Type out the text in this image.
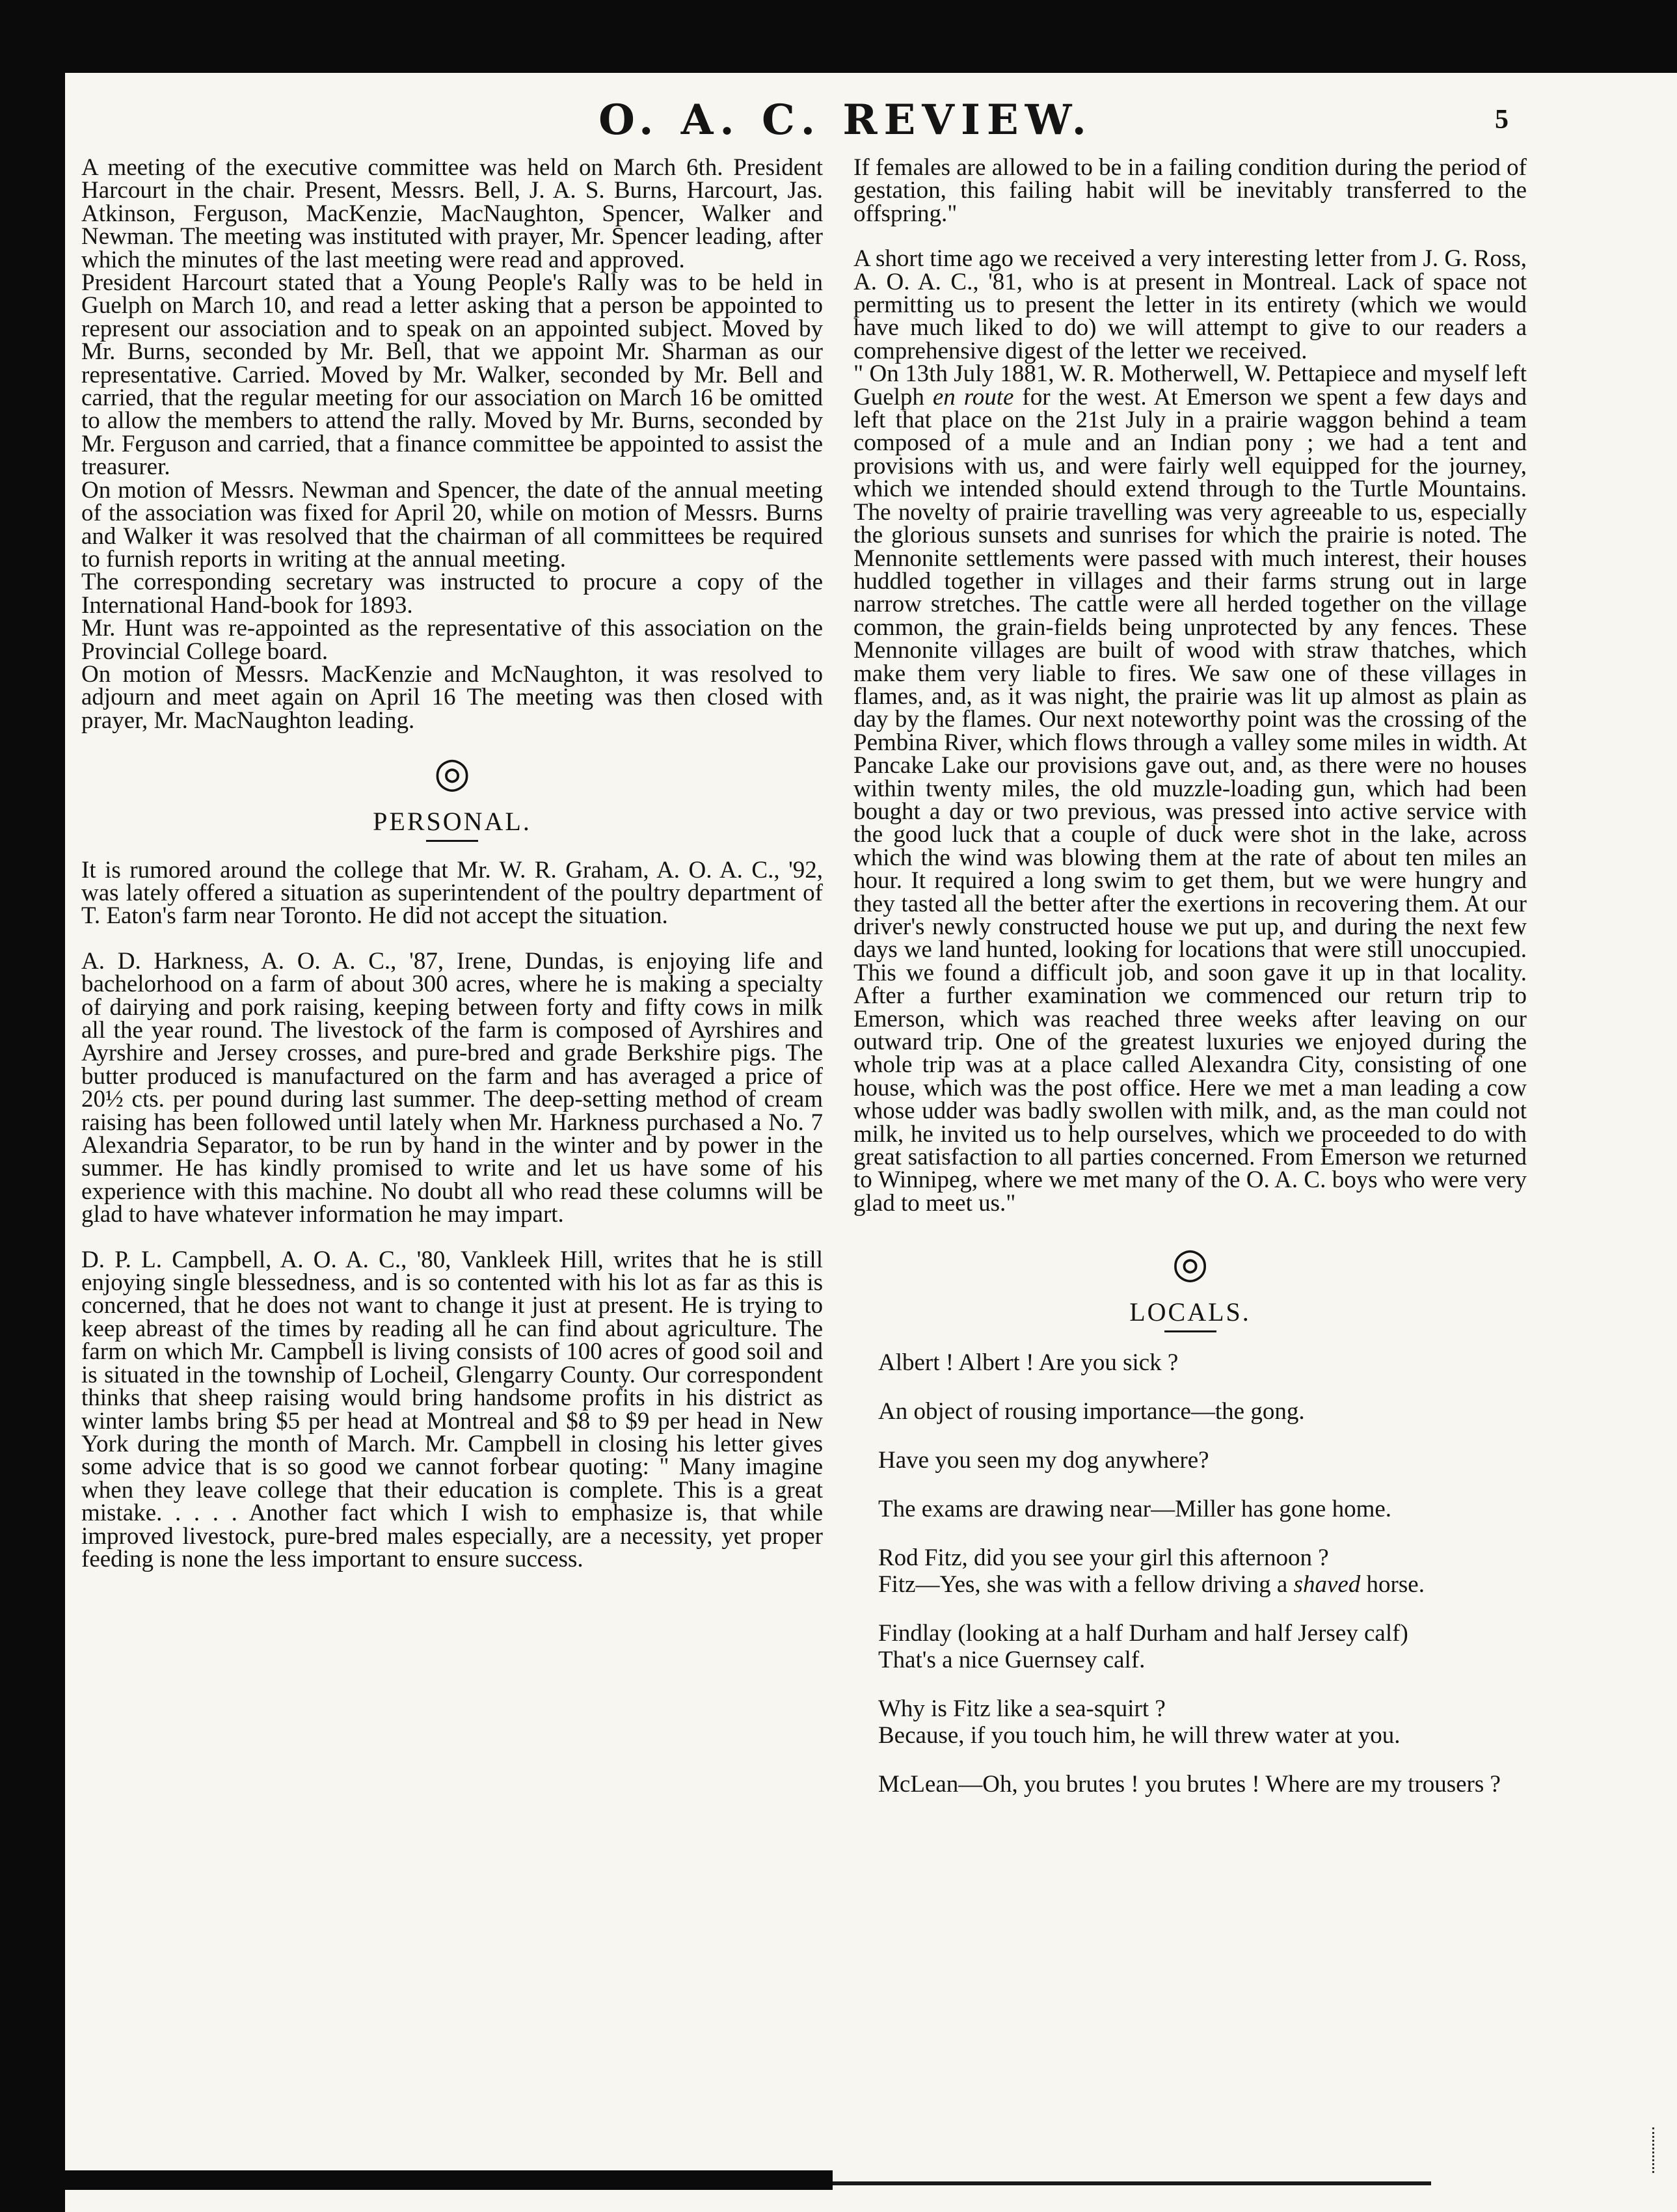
O. A. C. REVIEW.	5

A meeting of the executive committee was held on March 6th. President Harcourt in the chair. Present, Messrs. Bell, J. A. S. Burns, Harcourt, Jas. Atkinson, Ferguson, MacKenzie, MacNaughton, Spencer, Walker and Newman. The meeting was instituted with prayer, Mr. Spencer leading, after which the minutes of the last meeting were read and approved.

President Harcourt stated that a Young People's Rally was to be held in Guelph on March 10, and read a letter asking that a person be appointed to represent our association and to speak on an appointed subject. Moved by Mr. Burns, seconded by Mr. Bell, that we appoint Mr. Sharman as our representative. Carried. Moved by Mr. Walker, seconded by Mr. Bell and carried, that the regular meeting for our association on March 16 be omitted to allow the members to attend the rally. Moved by Mr. Burns, seconded by Mr. Ferguson and carried, that a finance committee be appointed to assist the treasurer.

On motion of Messrs. Newman and Spencer, the date of the annual meeting of the association was fixed for April 20, while on motion of Messrs. Burns and Walker it was resolved that the chairman of all committees be required to furnish reports in writing at the annual meeting.

The corresponding secretary was instructed to procure a copy of the International Hand-book for 1893.

Mr. Hunt was re-appointed as the representative of this association on the Provincial College board.

On motion of Messrs. MacKenzie and McNaughton, it was resolved to adjourn and meet again on April 16 The meeting was then closed with prayer, Mr. MacNaughton leading.

◎
PERSONAL.

It is rumored around the college that Mr. W. R. Graham, A. O. A. C., '92, was lately offered a situation as superintendent of the poultry department of T. Eaton's farm near Toronto. He did not accept the situation.

A. D. Harkness, A. O. A. C., '87, Irene, Dundas, is enjoying life and bachelorhood on a farm of about 300 acres, where he is making a specialty of dairying and pork raising, keeping between forty and fifty cows in milk all the year round. The livestock of the farm is composed of Ayrshires and Ayrshire and Jersey crosses, and pure-bred and grade Berkshire pigs. The butter produced is manufactured on the farm and has averaged a price of 20½ cts. per pound during last summer. The deep-setting method of cream raising has been followed until lately when Mr. Harkness purchased a No. 7 Alexandria Separator, to be run by hand in the winter and by power in the summer. He has kindly promised to write and let us have some of his experience with this machine. No doubt all who read these columns will be glad to have whatever information he may impart.

D. P. L. Campbell, A. O. A. C., '80, Vankleek Hill, writes that he is still enjoying single blessedness, and is so contented with his lot as far as this is concerned, that he does not want to change it just at present. He is trying to keep abreast of the times by reading all he can find about agriculture. The farm on which Mr. Campbell is living consists of 100 acres of good soil and is situated in the township of Locheil, Glengarry County. Our correspondent thinks that sheep raising would bring handsome profits in his district as winter lambs bring $5 per head at Montreal and $8 to $9 per head in New York during the month of March. Mr. Campbell in closing his letter gives some advice that is so good we cannot forbear quoting: " Many imagine when they leave college that their education is complete. This is a great mistake. . . . . Another fact which I wish to emphasize is, that while improved livestock, pure-bred males especially, are a necessity, yet proper feeding is none the less important to ensure success.

If females are allowed to be in a failing condition during the period of gestation, this failing habit will be inevitably transferred to the offspring."

A short time ago we received a very interesting letter from J. G. Ross, A. O. A. C., '81, who is at present in Montreal. Lack of space not permitting us to present the letter in its entirety (which we would have much liked to do) we will attempt to give to our readers a comprehensive digest of the letter we received.

" On 13th July 1881, W. R. Motherwell, W. Pettapiece and myself left Guelph en route for the west. At Emerson we spent a few days and left that place on the 21st July in a prairie waggon behind a team composed of a mule and an Indian pony ; we had a tent and provisions with us, and were fairly well equipped for the journey, which we intended should extend through to the Turtle Mountains. The novelty of prairie travelling was very agreeable to us, especially the glorious sunsets and sunrises for which the prairie is noted. The Mennonite settlements were passed with much interest, their houses huddled together in villages and their farms strung out in large narrow stretches. The cattle were all herded together on the village common, the grain-fields being unprotected by any fences. These Mennonite villages are built of wood with straw thatches, which make them very liable to fires. We saw one of these villages in flames, and, as it was night, the prairie was lit up almost as plain as day by the flames. Our next noteworthy point was the crossing of the Pembina River, which flows through a valley some miles in width. At Pancake Lake our provisions gave out, and, as there were no houses within twenty miles, the old muzzle-loading gun, which had been bought a day or two previous, was pressed into active service with the good luck that a couple of duck were shot in the lake, across which the wind was blowing them at the rate of about ten miles an hour. It required a long swim to get them, but we were hungry and they tasted all the better after the exertions in recovering them. At our driver's newly constructed house we put up, and during the next few days we land hunted, looking for locations that were still unoccupied. This we found a difficult job, and soon gave it up in that locality. After a further examination we commenced our return trip to Emerson, which was reached three weeks after leaving on our outward trip. One of the greatest luxuries we enjoyed during the whole trip was at a place called Alexandra City, consisting of one house, which was the post office. Here we met a man leading a cow whose udder was badly swollen with milk, and, as the man could not milk, he invited us to help ourselves, which we proceeded to do with great satisfaction to all parties concerned. From Emerson we returned to Winnipeg, where we met many of the O. A. C. boys who were very glad to meet us."

◎
LOCALS.

Albert ! Albert ! Are you sick ?

An object of rousing importance—the gong.

Have you seen my dog anywhere?

The exams are drawing near—Miller has gone home.

Rod Fitz, did you see your girl this afternoon ?

Fitz—Yes, she was with a fellow driving a shaved horse.

Findlay (looking at a half Durham and half Jersey calf)

That's a nice Guernsey calf.

Why is Fitz like a sea-squirt ?

Because, if you touch him, he will threw water at you.

McLean—Oh, you brutes ! you brutes ! Where are my trousers ?
